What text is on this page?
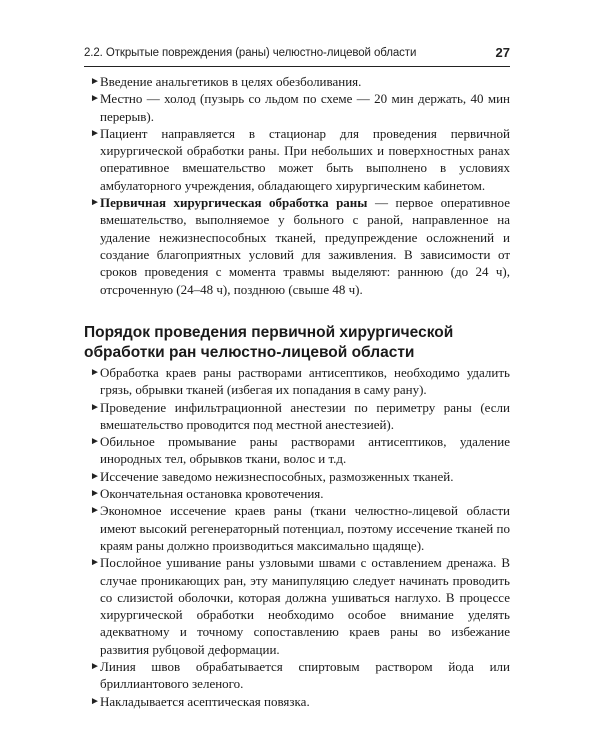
2.2. Открытые повреждения (раны) челюстно-лицевой области	27
► Введение анальгетиков в целях обезболивания.
► Местно — холод (пузырь со льдом по схеме — 20 мин держать, 40 мин перерыв).
► Пациент направляется в стационар для проведения первичной хирургической обработки раны. При небольших и поверхностных ранах оперативное вмешательство может быть выполнено в условиях амбулаторного учреждения, обладающего хирургическим кабинетом.
► Первичная хирургическая обработка раны — первое оперативное вмешательство, выполняемое у больного с раной, направленное на удаление нежизнеспособных тканей, предупреждение осложнений и создание благоприятных условий для заживления. В зависимости от сроков проведения с момента травмы выделяют: раннюю (до 24 ч), отсроченную (24–48 ч), позднюю (свыше 48 ч).
Порядок проведения первичной хирургической обработки ран челюстно-лицевой области
► Обработка краев раны растворами антисептиков, необходимо удалить грязь, обрывки тканей (избегая их попадания в саму рану).
► Проведение инфильтрационной анестезии по периметру раны (если вмешательство проводится под местной анестезией).
► Обильное промывание раны растворами антисептиков, удаление инородных тел, обрывков ткани, волос и т.д.
► Иссечение заведомо нежизнеспособных, размозженных тканей.
► Окончательная остановка кровотечения.
► Экономное иссечение краев раны (ткани челюстно-лицевой области имеют высокий регенераторный потенциал, поэтому иссечение тканей по краям раны должно производиться максимально щадяще).
► Послойное ушивание раны узловыми швами с оставлением дренажа. В случае проникающих ран, эту манипуляцию следует начинать проводить со слизистой оболочки, которая должна ушиваться наглухо. В процессе хирургической обработки необходимо особое внимание уделять адекватному и точному сопоставлению краев раны во избежание развития рубцовой деформации.
► Линия швов обрабатывается спиртовым раствором йода или бриллиантового зеленого.
► Накладывается асептическая повязка.
